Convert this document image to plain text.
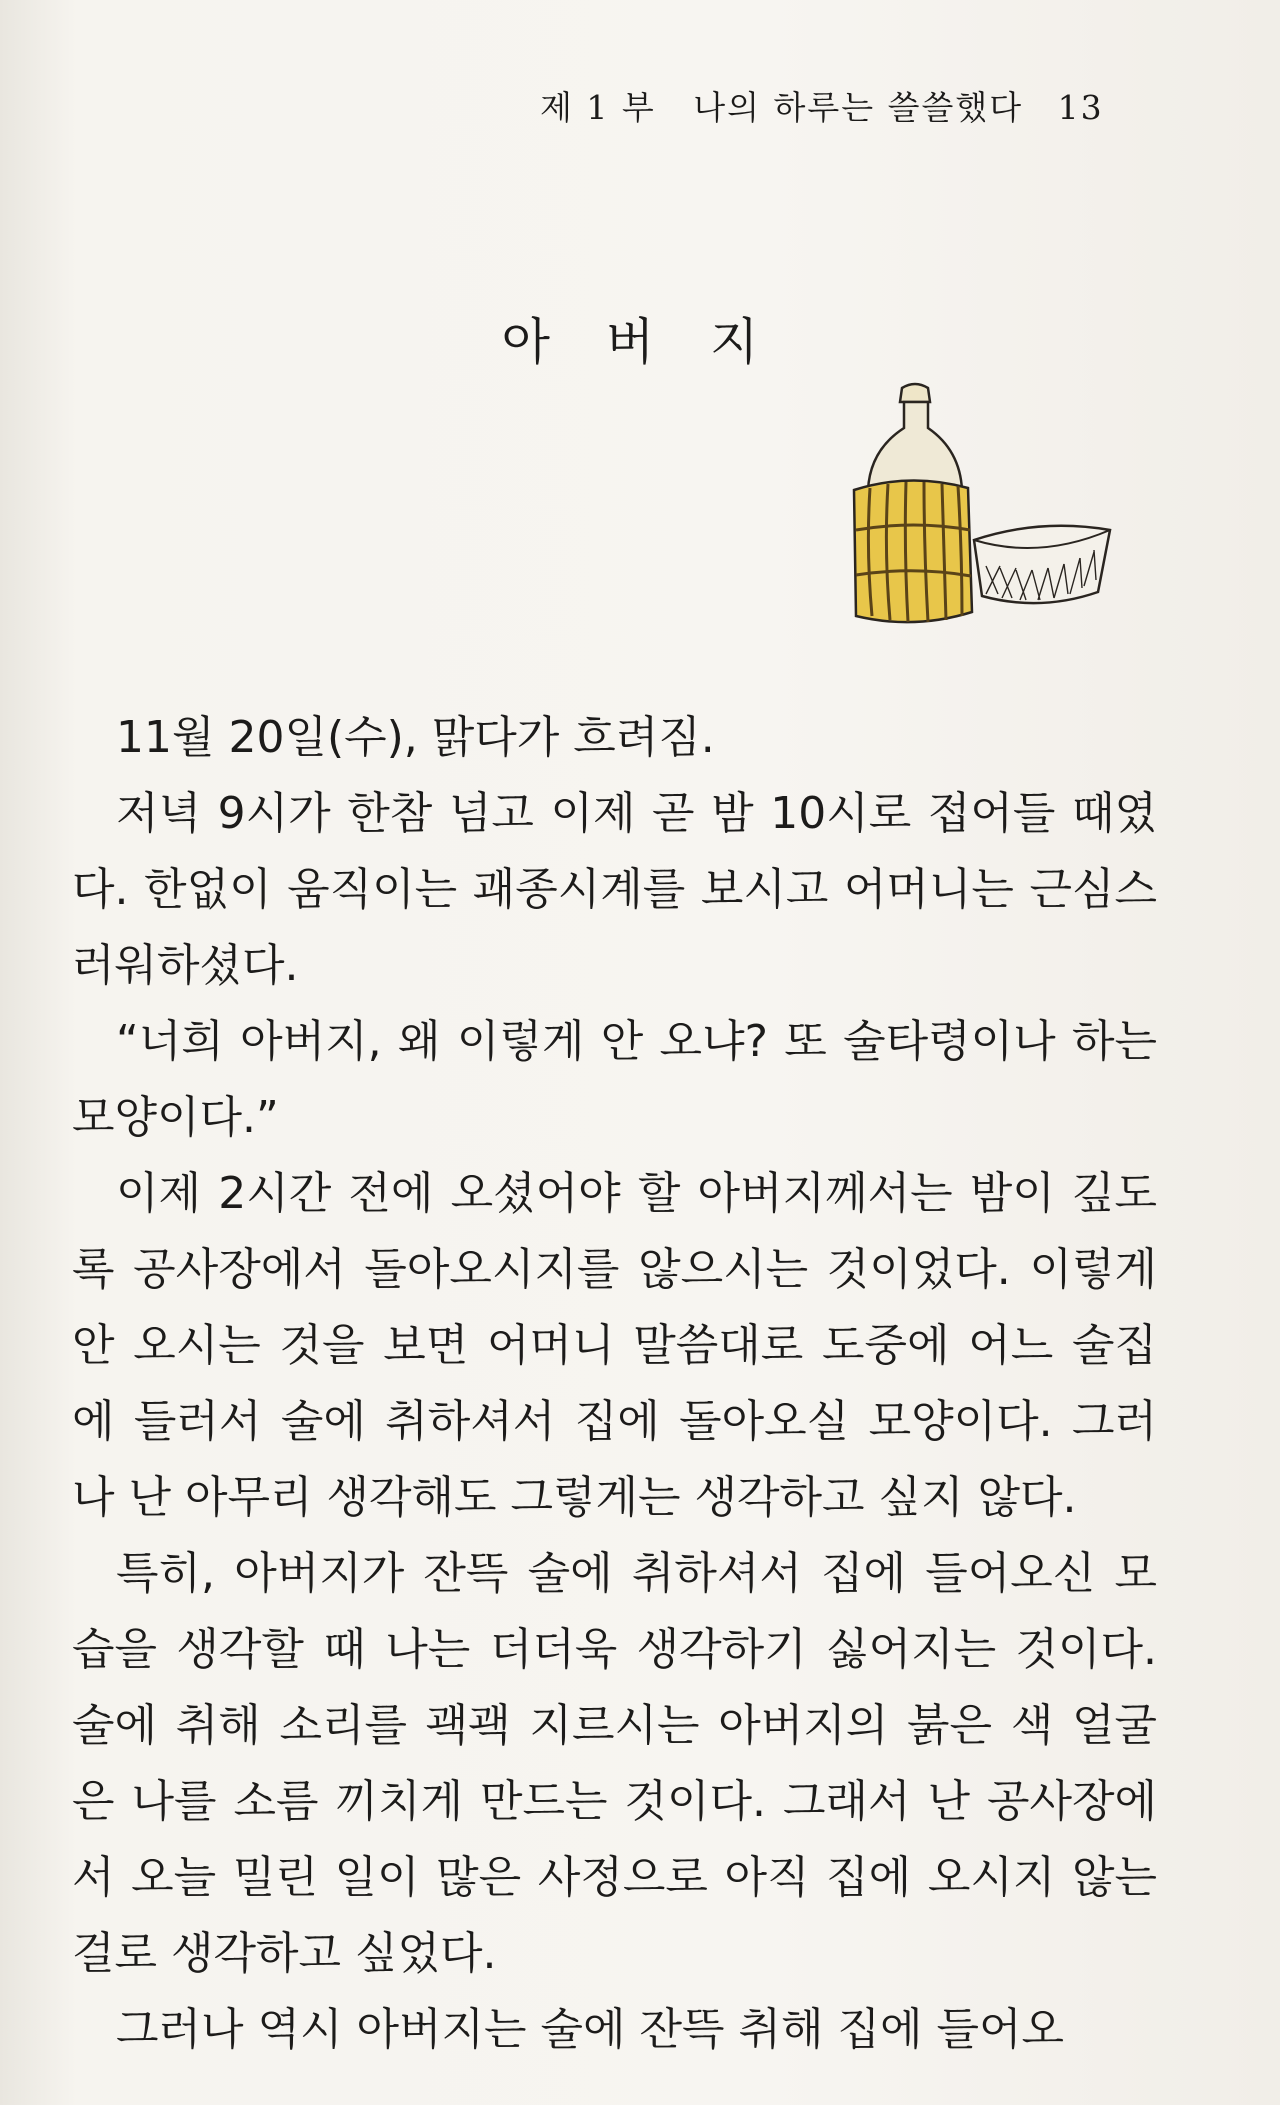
제 1 부 나의 하루는 쓸쓸했다 13
아 버 지

11월 20일(수), 맑다가 흐려짐.

저녁 9시가 한참 넘고 이제 곧 밤 10시로 접어들 때였다. 한없이 움직이는 괘종시계를 보시고 어머니는 근심스러워하셨다.

“너희 아버지, 왜 이렇게 안 오냐? 또 술타령이나 하는 모양이다.”

이제 2시간 전에 오셨어야 할 아버지께서는 밤이 깊도록 공사장에서 돌아오시지를 않으시는 것이었다. 이렇게 안 오시는 것을 보면 어머니 말씀대로 도중에 어느 술집에 들러서 술에 취하셔서 집에 돌아오실 모양이다. 그러나 난 아무리 생각해도 그렇게는 생각하고 싶지 않다.

특히, 아버지가 잔뜩 술에 취하셔서 집에 들어오신 모습을 생각할 때 나는 더더욱 생각하기 싫어지는 것이다. 술에 취해 소리를 괙괙 지르시는 아버지의 붉은 색 얼굴은 나를 소름 끼치게 만드는 것이다. 그래서 난 공사장에서 오늘 밀린 일이 많은 사정으로 아직 집에 오시지 않는 걸로 생각하고 싶었다.

그러나 역시 아버지는 술에 잔뜩 취해 집에 들어오
